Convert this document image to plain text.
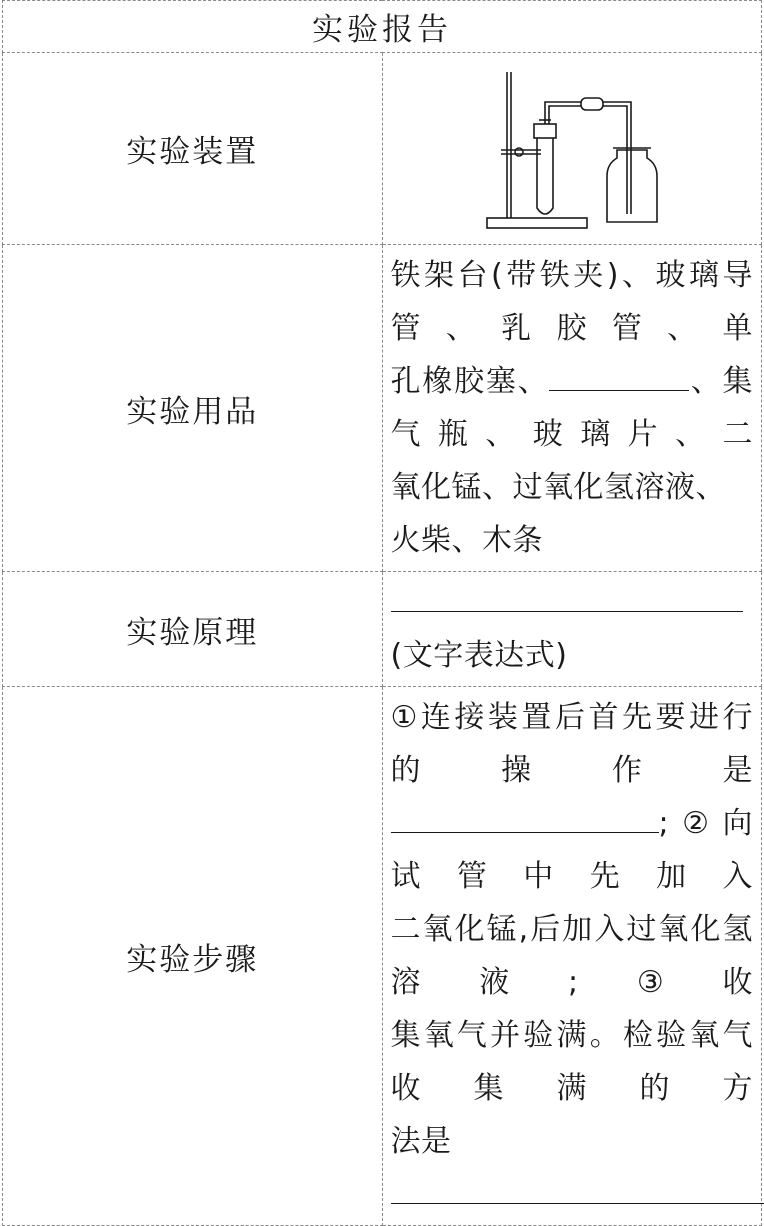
实验报告	
实验装置	

实验用品	铁架台(带铁夹)、玻璃导管、乳胶管、单
孔橡胶塞、 、集气瓶、玻璃片、二
氧化锰、过氧化氢溶液、火柴、木条

实验原理	(文字表达式)
实验步骤	①连接装置后首先要进行的操作是
;②向试管中先加入
二氧化锰,后加入过氧化氢溶液;③收
集氧气并验满。检验氧气收集满的方
法是
